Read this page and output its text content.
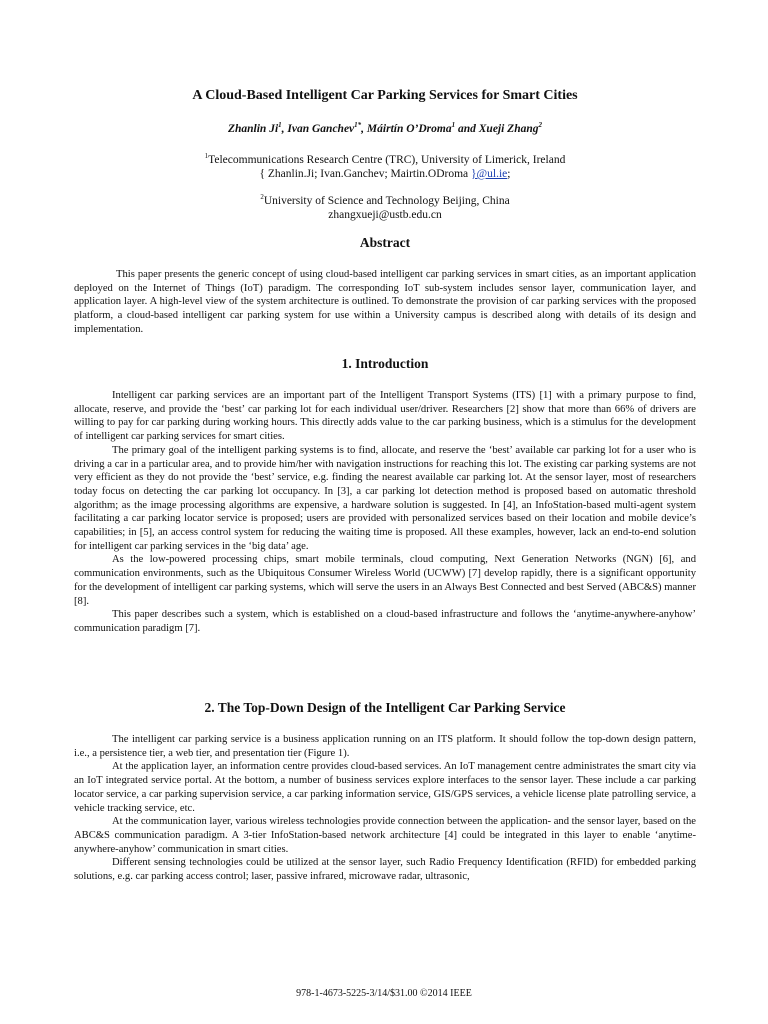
A Cloud-Based Intelligent Car Parking Services for Smart Cities
Zhanlin Ji$^1$, Ivan Ganchev$^{1*}$, Máirtín O’Droma$^1$ and Xueji Zhang$^2$
$^1$Telecommunications Research Centre (TRC), University of Limerick, Ireland
{ Zhanlin.Ji; Ivan.Ganchev; Mairtin.ODroma }@ul.ie;
$^2$University of Science and Technology Beijing, China
zhangxueji@ustb.edu.cn
Abstract

This paper presents the generic concept of using cloud-based intelligent car parking services in smart cities, as an important application deployed on the Internet of Things (IoT) paradigm. The corresponding IoT sub-system includes sensor layer, communication layer, and application layer. A high-level view of the system architecture is outlined. To demonstrate the provision of car parking services with the proposed platform, a cloud-based intelligent car parking system for use within a University campus is described along with details of its design and implementation.

1. Introduction

Intelligent car parking services are an important part of the Intelligent Transport Systems (ITS) [1] with a primary purpose to find, allocate, reserve, and provide the ‘best’ car parking lot for each individual user/driver. Researchers [2] show that more than 66% of drivers are willing to pay for car parking during working hours. This directly adds value to the car parking business, which is a stimulus for the development of intelligent car parking services for smart cities.

The primary goal of the intelligent parking systems is to find, allocate, and reserve the ‘best’ available car parking lot for a user who is driving a car in a particular area, and to provide him/her with navigation instructions for reaching this lot. The existing car parking systems are not very efficient as they do not provide the ‘best’ service, e.g. finding the nearest available car parking lot. At the sensor layer, most of researchers today focus on detecting the car parking lot occupancy. In [3], a car parking lot detection method is proposed based on automatic threshold algorithm; as the image processing algorithms are expensive, a hardware solution is suggested. In [4], an InfoStation-based multi-agent system facilitating a car parking locator service is proposed; users are provided with personalized services based on their location and mobile device’s capabilities; in [5], an access control system for reducing the waiting time is proposed. All these examples, however, lack an end-to-end solution for intelligent car parking services in the ‘big data’ age.

As the low-powered processing chips, smart mobile terminals, cloud computing, Next Generation Networks (NGN) [6], and communication environments, such as the Ubiquitous Consumer Wireless World (UCWW) [7] develop rapidly, there is a significant opportunity for the development of intelligent car parking systems, which will serve the users in an Always Best Connected and best Served (ABC&S) manner [8].

This paper describes such a system, which is established on a cloud-based infrastructure and follows the ‘anytime-anywhere-anyhow’ communication paradigm [7].

2. The Top-Down Design of the Intelligent Car Parking Service

The intelligent car parking service is a business application running on an ITS platform. It should follow the top-down design pattern, i.e., a persistence tier, a web tier, and presentation tier (Figure 1).

At the application layer, an information centre provides cloud-based services. An IoT management centre administrates the smart city via an IoT integrated service portal. At the bottom, a number of business services explore interfaces to the sensor layer. These include a car parking locator service, a car parking supervision service, a car parking information service, GIS/GPS services, a vehicle license plate patrolling service, a vehicle tracking service, etc.

At the communication layer, various wireless technologies provide connection between the application- and the sensor layer, based on the ABC&S communication paradigm. A 3-tier InfoStation-based network architecture [4] could be integrated in this layer to enable ‘anytime-anywhere-anyhow’ communication in smart cities.

Different sensing technologies could be utilized at the sensor layer, such Radio Frequency Identification (RFID) for embedded parking solutions, e.g. car parking access control; laser, passive infrared, microwave radar, ultrasonic,

978-1-4673-5225-3/14/$31.00 ©2014 IEEE
